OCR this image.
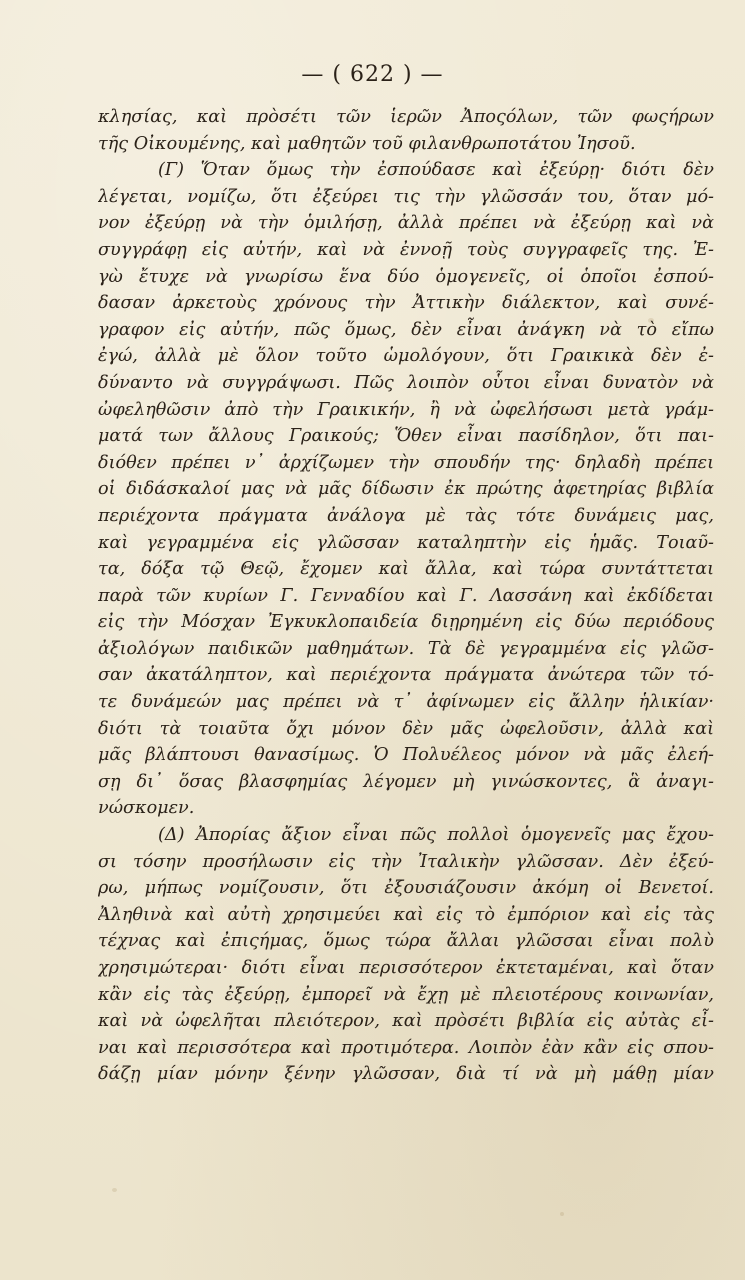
— ( 622 ) —

κλησίας, καὶ πρὸσέτι τῶν ἱερῶν Ἀποςόλων, τῶν φωςήρων
τῆς Οἰκουμένης, καὶ μαθητῶν τοῦ φιλανθρωποτάτου Ἰησοῦ.

(Γ) Ὅταν ὅμως τὴν ἐσπούδασε καὶ ἐξεύρῃ· διότι δὲν
λέγεται, νομίζω, ὅτι ἐξεύρει τις τὴν γλῶσσάν του, ὅταν μό-
νον ἐξεύρῃ νὰ τὴν ὁμιλήσῃ, ἀλλὰ πρέπει νὰ ἐξεύρῃ καὶ νὰ
συγγράφῃ εἰς αὐτήν, καὶ νὰ ἐννοῇ τοὺς συγγραφεῖς της. Ἐ-
γὼ ἔτυχε νὰ γνωρίσω ἕνα δύο ὁμογενεῖς, οἱ ὁποῖοι ἐσπού-
δασαν ἀρκετοὺς χρόνους τὴν Ἀττικὴν διάλεκτον, καὶ συνέ-
γραφον εἰς αὐτήν, πῶς ὅμως, δὲν εἶναι ἀνάγκη νὰ τὸ εἴπω
ἐγώ, ἀλλὰ μὲ ὅλον τοῦτο ὡμολόγουν, ὅτι Γραικικὰ δὲν ἐ-
δύναντο νὰ συγγράψωσι. Πῶς λοιπὸν οὗτοι εἶναι δυνατὸν νὰ
ὠφεληθῶσιν ἀπὸ τὴν Γραικικήν, ἢ νὰ ὠφελήσωσι μετὰ γράμ-
ματά των ἄλλους Γραικούς; Ὅθεν εἶναι πασίδηλον, ὅτι παι-
διόθεν πρέπει ν᾽ ἀρχίζωμεν τὴν σπουδήν της· δηλαδὴ πρέπει
οἱ διδάσκαλοί μας νὰ μᾶς δίδωσιν ἐκ πρώτης ἀφετηρίας βιβλία
περιέχοντα πράγματα ἀνάλογα μὲ τὰς τότε δυνάμεις μας,
καὶ γεγραμμένα εἰς γλῶσσαν καταληπτὴν εἰς ἡμᾶς. Τοιαῦ-
τα, δόξα τῷ Θεῷ, ἔχομεν καὶ ἄλλα, καὶ τώρα συντάττεται
παρὰ τῶν κυρίων Γ. Γενναδίου καὶ Γ. Λασσάνη καὶ ἐκδίδεται
εἰς τὴν Μόσχαν Ἐγκυκλοπαιδεία διῃρημένη εἰς δύω περιόδους
ἀξιολόγων παιδικῶν μαθημάτων. Τὰ δὲ γεγραμμένα εἰς γλῶσ-
σαν ἀκατάληπτον, καὶ περιέχοντα πράγματα ἀνώτερα τῶν τό-
τε δυνάμεών μας πρέπει νὰ τ᾽ ἀφίνωμεν εἰς ἄλλην ἡλικίαν·
διότι τὰ τοιαῦτα ὄχι μόνον δὲν μᾶς ὠφελοῦσιν, ἀλλὰ καὶ
μᾶς βλάπτουσι θανασίμως. Ὁ Πολυέλεος μόνον νὰ μᾶς ἐλεή-
σῃ δι᾽ ὅσας βλασφημίας λέγομεν μὴ γινώσκοντες, ἃ ἀναγι-
νώσκομεν.

(Δ) Ἀπορίας ἄξιον εἶναι πῶς πολλοὶ ὁμογενεῖς μας ἔχου-
σι τόσην προσήλωσιν εἰς τὴν Ἰταλικὴν γλῶσσαν. Δὲν ἐξεύ-
ρω, μήπως νομίζουσιν, ὅτι ἐξουσιάζουσιν ἀκόμη οἱ Βενετοί.
Ἀληθινὰ καὶ αὐτὴ χρησιμεύει καὶ εἰς τὸ ἐμπόριον καὶ εἰς τὰς
τέχνας καὶ ἐπιςήμας, ὅμως τώρα ἄλλαι γλῶσσαι εἶναι πολὺ
χρησιμώτεραι· διότι εἶναι περισσότερον ἐκτεταμέναι, καὶ ὅταν
κἂν εἰς τὰς ἐξεύρῃ, ἐμπορεῖ νὰ ἔχῃ μὲ πλειοτέρους κοινωνίαν,
καὶ νὰ ὠφελῆται πλειότερον, καὶ πρὸσέτι βιβλία εἰς αὐτὰς εἶ-
ναι καὶ περισσότερα καὶ προτιμότερα. Λοιπὸν ἐὰν κἂν εἰς σπου-
δάζῃ μίαν μόνην ξένην γλῶσσαν, διὰ τί νὰ μὴ μάθῃ μίαν
